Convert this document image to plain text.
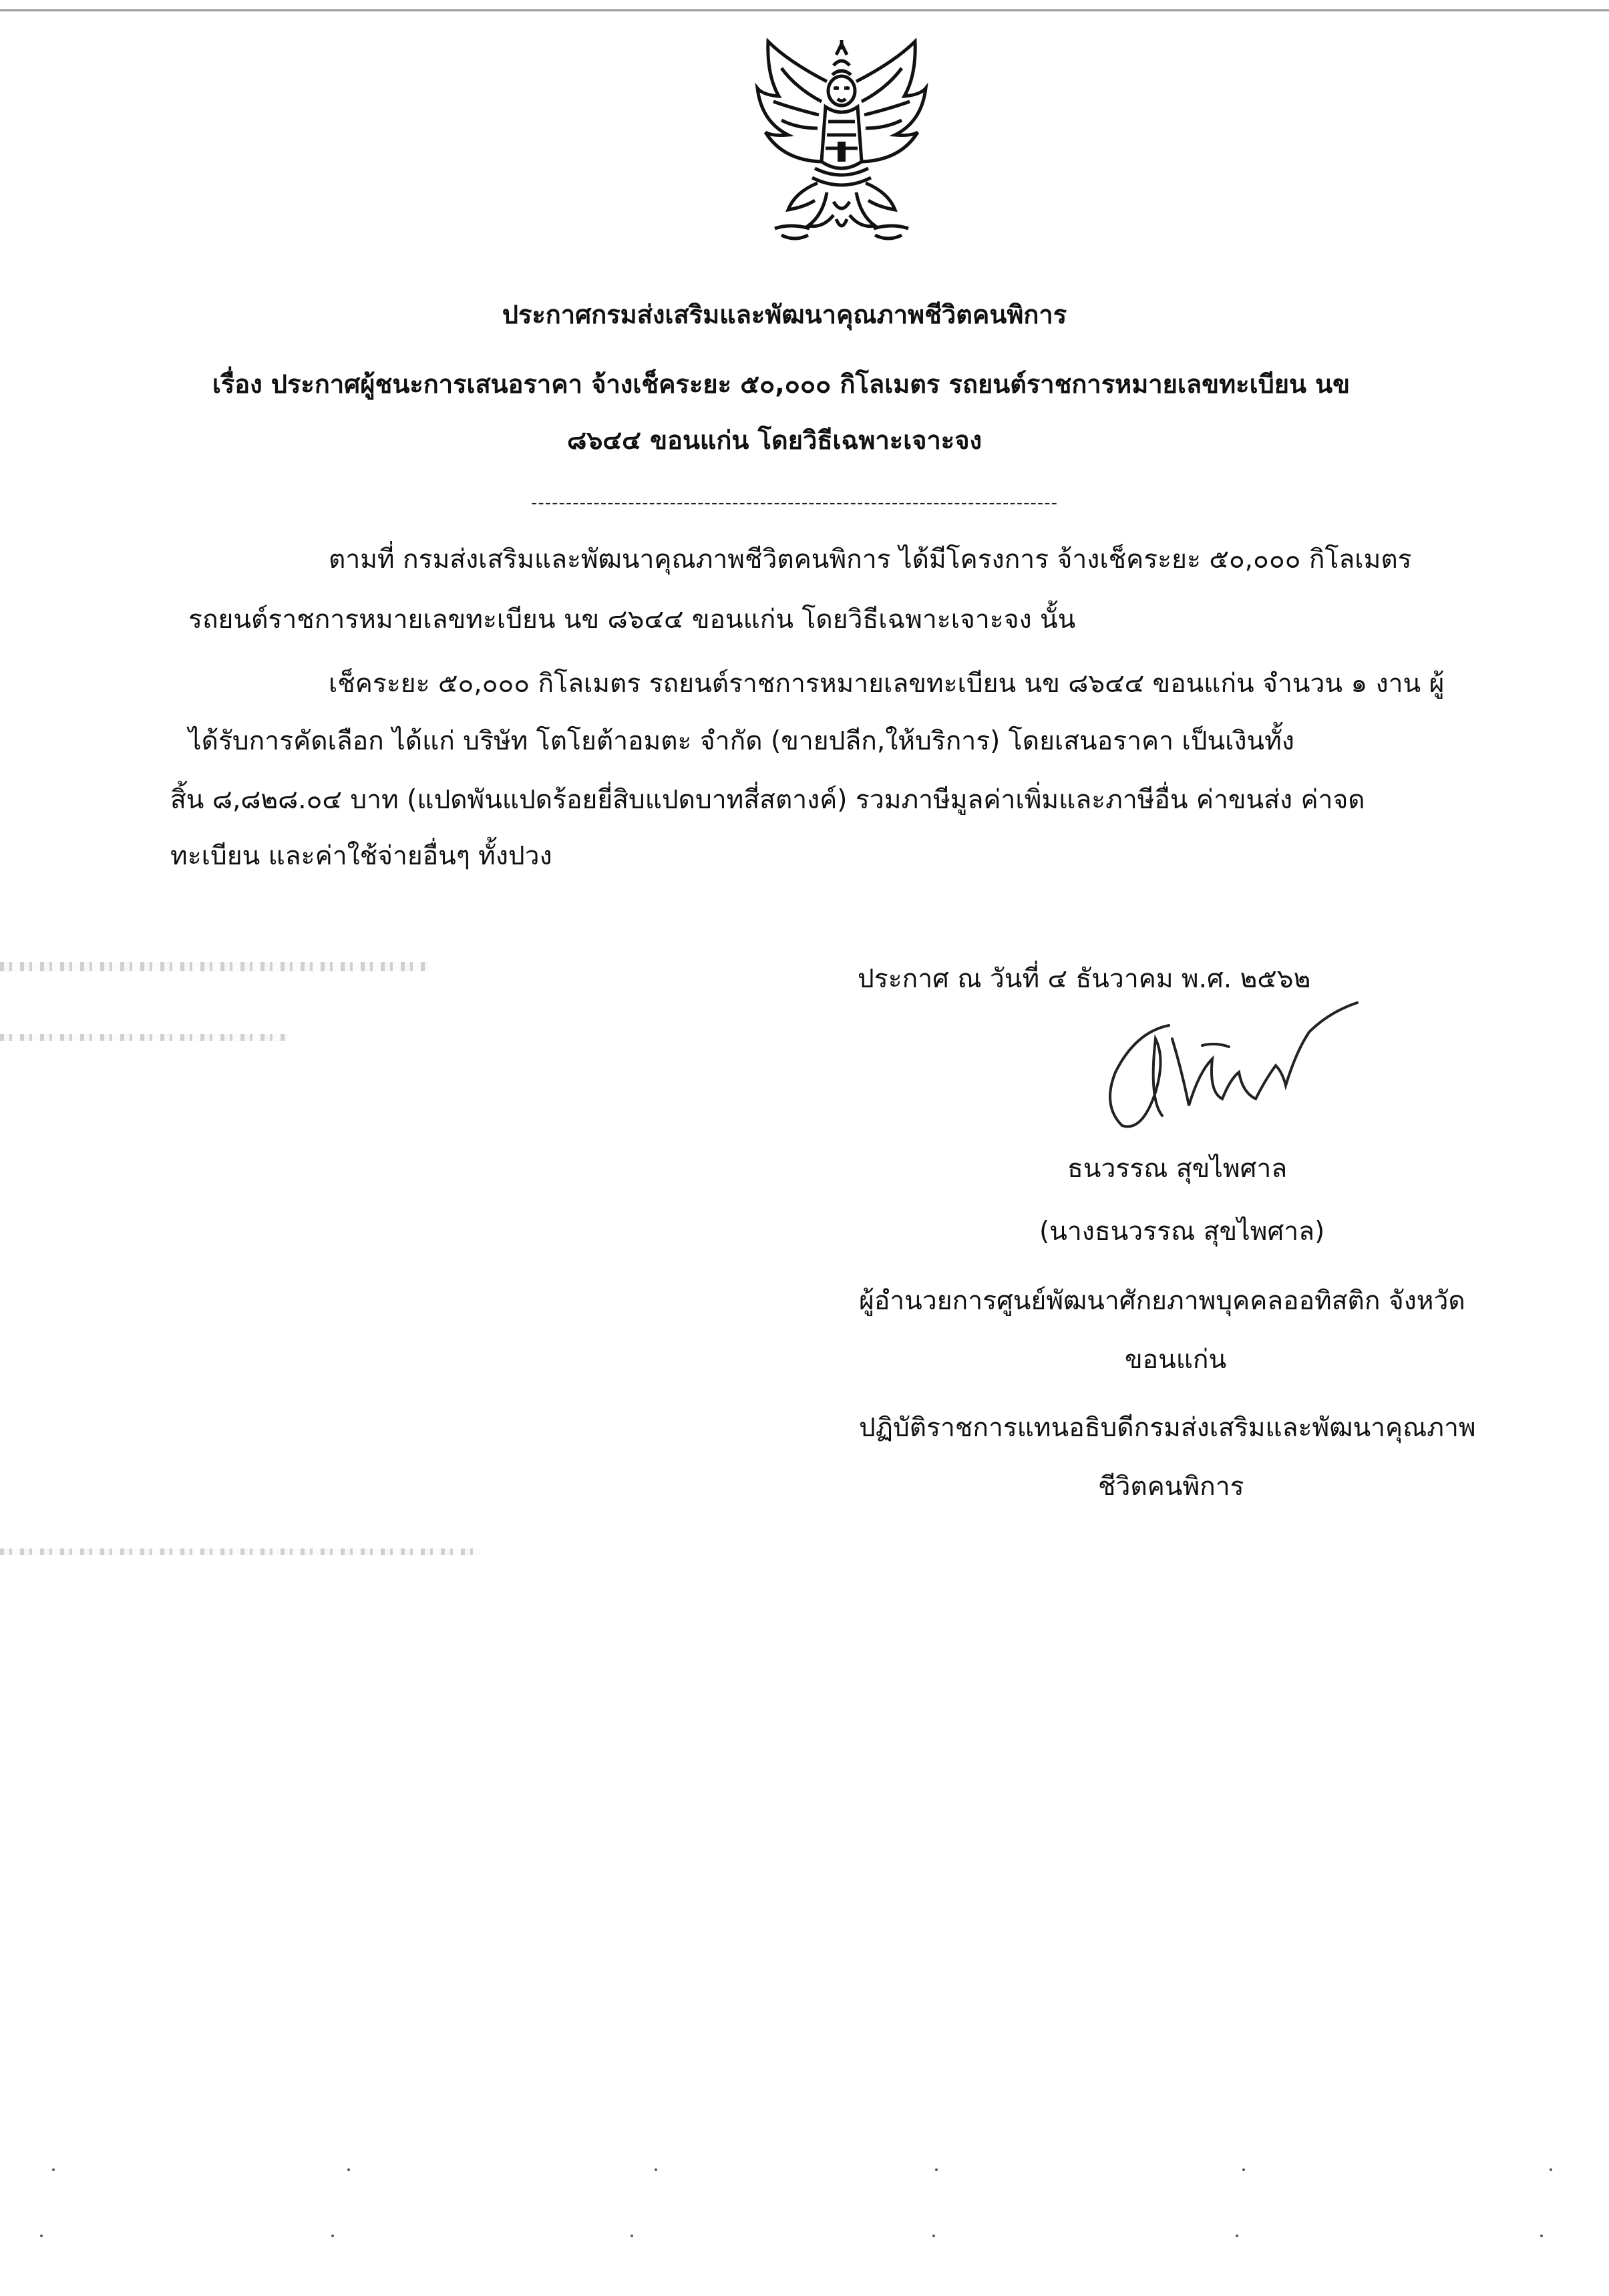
ประกาศกรมส่งเสริมและพัฒนาคุณภาพชีวิตคนพิการ
เรื่อง ประกาศผู้ชนะการเสนอราคา จ้างเช็คระยะ ๕๐,๐๐๐ กิโลเมตร รถยนต์ราชการหมายเลขทะเบียน นข
๘๖๔๔ ขอนแก่น โดยวิธีเฉพาะเจาะจง
----------------------------------------------------------------------------
ตามที่ กรมส่งเสริมและพัฒนาคุณภาพชีวิตคนพิการ ได้มีโครงการ จ้างเช็คระยะ ๕๐,๐๐๐ กิโลเมตร
รถยนต์ราชการหมายเลขทะเบียน นข ๘๖๔๔ ขอนแก่น โดยวิธีเฉพาะเจาะจง นั้น
เช็คระยะ ๕๐,๐๐๐ กิโลเมตร รถยนต์ราชการหมายเลขทะเบียน นข ๘๖๔๔ ขอนแก่น จำนวน ๑ งาน ผู้
ได้รับการคัดเลือก ได้แก่ บริษัท โตโยต้าอมตะ จำกัด (ขายปลีก,ให้บริการ) โดยเสนอราคา เป็นเงินทั้ง
สิ้น ๘,๘๒๘.๐๔ บาท (แปดพันแปดร้อยยี่สิบแปดบาทสี่สตางค์) รวมภาษีมูลค่าเพิ่มและภาษีอื่น ค่าขนส่ง ค่าจด
ทะเบียน และค่าใช้จ่ายอื่นๆ ทั้งปวง
ประกาศ ณ วันที่ ๔ ธันวาคม พ.ศ. ๒๕๖๒
ธนวรรณ
ธนวรรณ สุขไพศาล
(นางธนวรรณ สุขไพศาล)
ผู้อำนวยการศูนย์พัฒนาศักยภาพบุคคลออทิสติก จังหวัด
ขอนแก่น
ปฏิบัติราชการแทนอธิบดีกรมส่งเสริมและพัฒนาคุณภาพ
ชีวิตคนพิการ
